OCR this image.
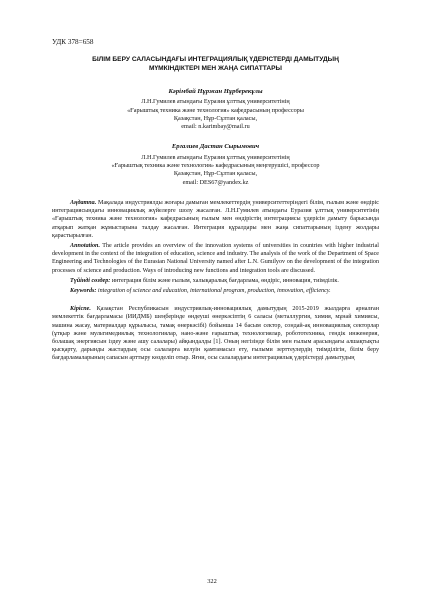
УДК 378=658
БІЛІМ БЕРУ САЛАСЫНДАҒЫ ИНТЕГРАЦИЯЛЫҚ ҮДЕРІСТЕРДІ ДАМЫТУДЫҢ
МҮМКІНДІКТЕРІ МЕН ЖАҢА СИПАТТАРЫ
Кәрімбай Нұржан Нұрберекұлы
Л.Н.Гумилев атындағы Еуразия ұлттық университетінің
«Ғарыштық техника және технология» кафедрасының профессоры
Қазақстан, Нұр-Сұлтан қаласы,
email: n.karimbay@mail.ru
Ергалиев Дастан Сырымович
Л.Н.Гумилев атындағы Еуразия ұлттық университетінің
«Ғарыштық техника және технология» кафедрасының меңгерушісі, профессор
Қазақстан, Нұр-Сұлтан қаласы,
email: DES67@yandex.kz

Аңдатпа. Мақалада индустриялды жоғары дамыған мемлекеттердің университеттеріндегі білім, ғылым және өндіріс интеграциясындағы инновациялық жүйелерге шолу жасалған. Л.Н.Гумилев атындағы Еуразия ұлттық университетінің «Ғарыштық техника және технология» кафедрасының ғылым мен өндірістің интеграциясы үдерісін дамыту барысында атқарып жатқан жұмыстарына талдау жасалған. Интеграция құралдары мен жаңа сипаттарының іздену жолдары қарастырылған.

Annotation. The article provides an overview of the innovation systems of universities in countries with higher industrial development in the context of the integration of education, science and industry. The analysis of the work of the Department of Space Engineering and Technologies of the Eurasian National University named after L.N. Gumilyov on the development of the integration processes of science and production. Ways of introducing new functions and integration tools are discussed.

Түйінді сөздер: интеграция білім және ғылым, халықаралық бағдарлама, өндіріс, инновация, тиімділік.

Keywords: integration of science and education, international program, production, innovation, efficiency.

Кіріспе. Қазақстан Республикасын индустриялық-инновациялық дамытудың 2015-2019 жылдарға арналған мемлекеттік бағдарламасы (ИИДМБ) шеңберінде өндеуші өнеркәсіптің 6 саласы (металлургия, химия, мұнай химиясы, машина жасау, материалдар құрылысы, тамақ өнеркәсібі) бойынша 14 басым сектор, сондай-ақ инновациялық секторлар (ұтқыр және мультимедиялық технологиялар, нано-және ғарыштық технологиялар, робототехника, гендік инженерия, болашақ энергиясын іздеу және ашу салалары) айқындалды [1]. Оның негізінде білім мен ғылым арасындағы алшақтықты қысқарту, дарынды жастардың осы салаларға келуін қамтамасыз ету, ғылыми зерттеулердің тиімділігін, білім беру бағдарламаларының сапасын арттыру көзделіп отыр. Яғни, осы салалардағы интеграциялық үдерістерді дамытудың

322
